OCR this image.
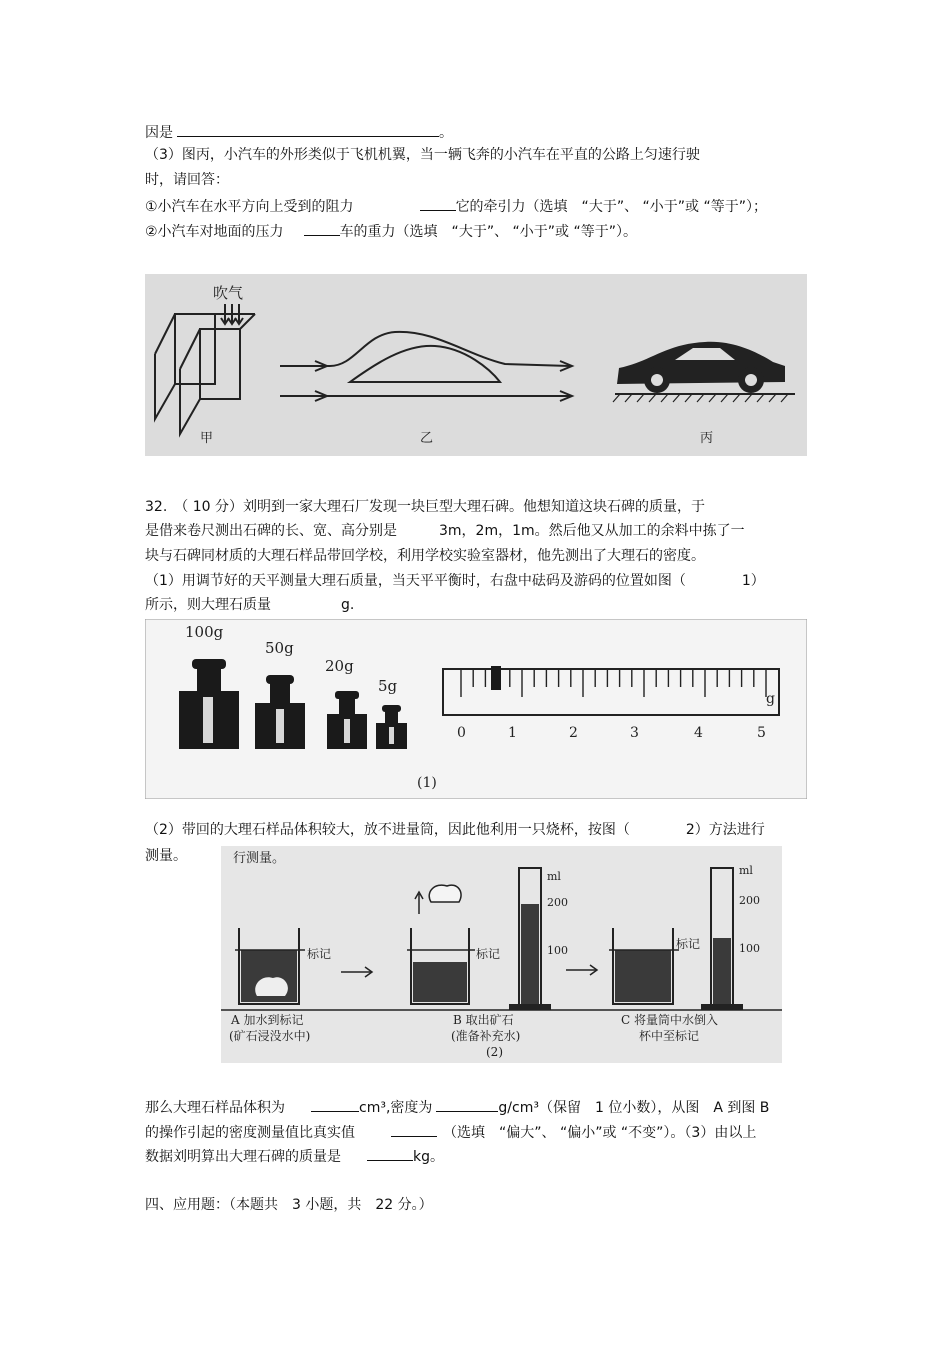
因是	。
（3）图丙，小汽车的外形类似于飞机机翼，当一辆飞奔的小汽车在平直的公路上匀速行驶
时，请回答：
①小汽车在水平方向上受到的阻力	它的牵引力（选填　“大于”、 “小于”或 “等于”）；
②小汽车对地面的压力	车的重力（选填　“大于”、 “小于”或 “等于”）。
吹气
甲	乙	丙
32.　（ 10 分）刘明到一家大理石厂发现一块巨型大理石碑。他想知道这块石碑的质量，于
是借来卷尺测出石碑的长、宽、高分别是　　　3m，2m，1m。然后他又从加工的余料中拣了一
块与石碑同材质的大理石样品带回学校，利用学校实验室器材，他先测出了大理石的密度。
（1）用调节好的天平测量大理石质量，当天平平衡时，右盘中砝码及游码的位置如图（　　　　1）
所示，则大理石质量　　　　　g.
100g
50g
20g
5g
0	1	2	3	4	5
g
(1)
（2）带回的大理石样品体积较大，放不进量筒，因此他利用一只烧杯，按图（　　　　2）方法进行
测量。	行测量。
标记	标记
ml
200
100	标记
ml
200
100
A 加水到标记
(矿石浸没水中)
B 取出矿石
(准备补充水)
C 将量筒中水倒入
杯中至标记
(2)
那么大理石样品体积为	cm³,密度为	g/cm³（保留　1 位小数），从图　A 到图 B
的操作引起的密度测量值比真实值	（选填　“偏大”、 “偏小”或 “不变”）。（3）由以上
数据刘明算出大理石碑的质量是	kg。
四、应用题：（本题共　3 小题，共　22 分。）
